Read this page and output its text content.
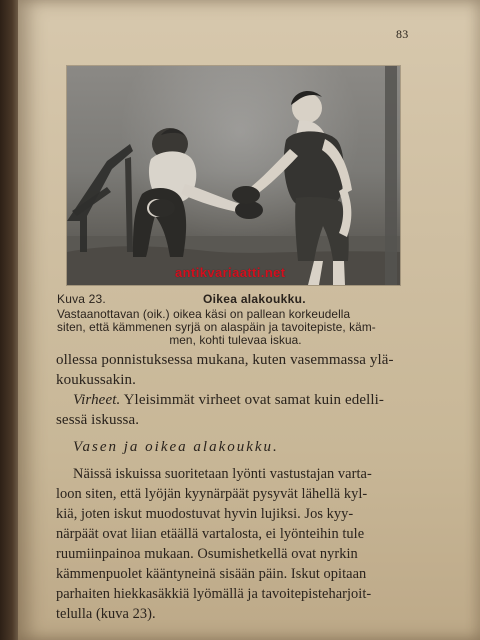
83
antikvariaatti.net
Kuva 23.	Oikea alakoukku.
Vastaanottavan (oik.) oikea käsi on pallean korkeudella
siten, että kämmenen syrjä on alaspäin ja tavoitepiste, käm-
men, kohti tulevaa iskua.
ollessa ponnistuksessa mukana, kuten vasemmassa ylä-
koukussakin.
Virheet. Yleisimmät virheet ovat samat kuin edelli-
sessä iskussa.
Vasen ja oikea alakoukku.
Näissä iskuissa suoritetaan lyönti vastustajan varta-
loon siten, että lyöjän kyynärpäät pysyvät lähellä kyl-
kiä, joten iskut muodostuvat hyvin lujiksi. Jos kyy-
närpäät ovat liian etäällä vartalosta, ei lyönteihin tule
ruumiinpainoa mukaan. Osumishetkellä ovat nyrkin
kämmenpuolet kääntyneinä sisään päin. Iskut opitaan
parhaiten hiekkasäkkiä lyömällä ja tavoitepisteharjoit-
telulla (kuva 23).
